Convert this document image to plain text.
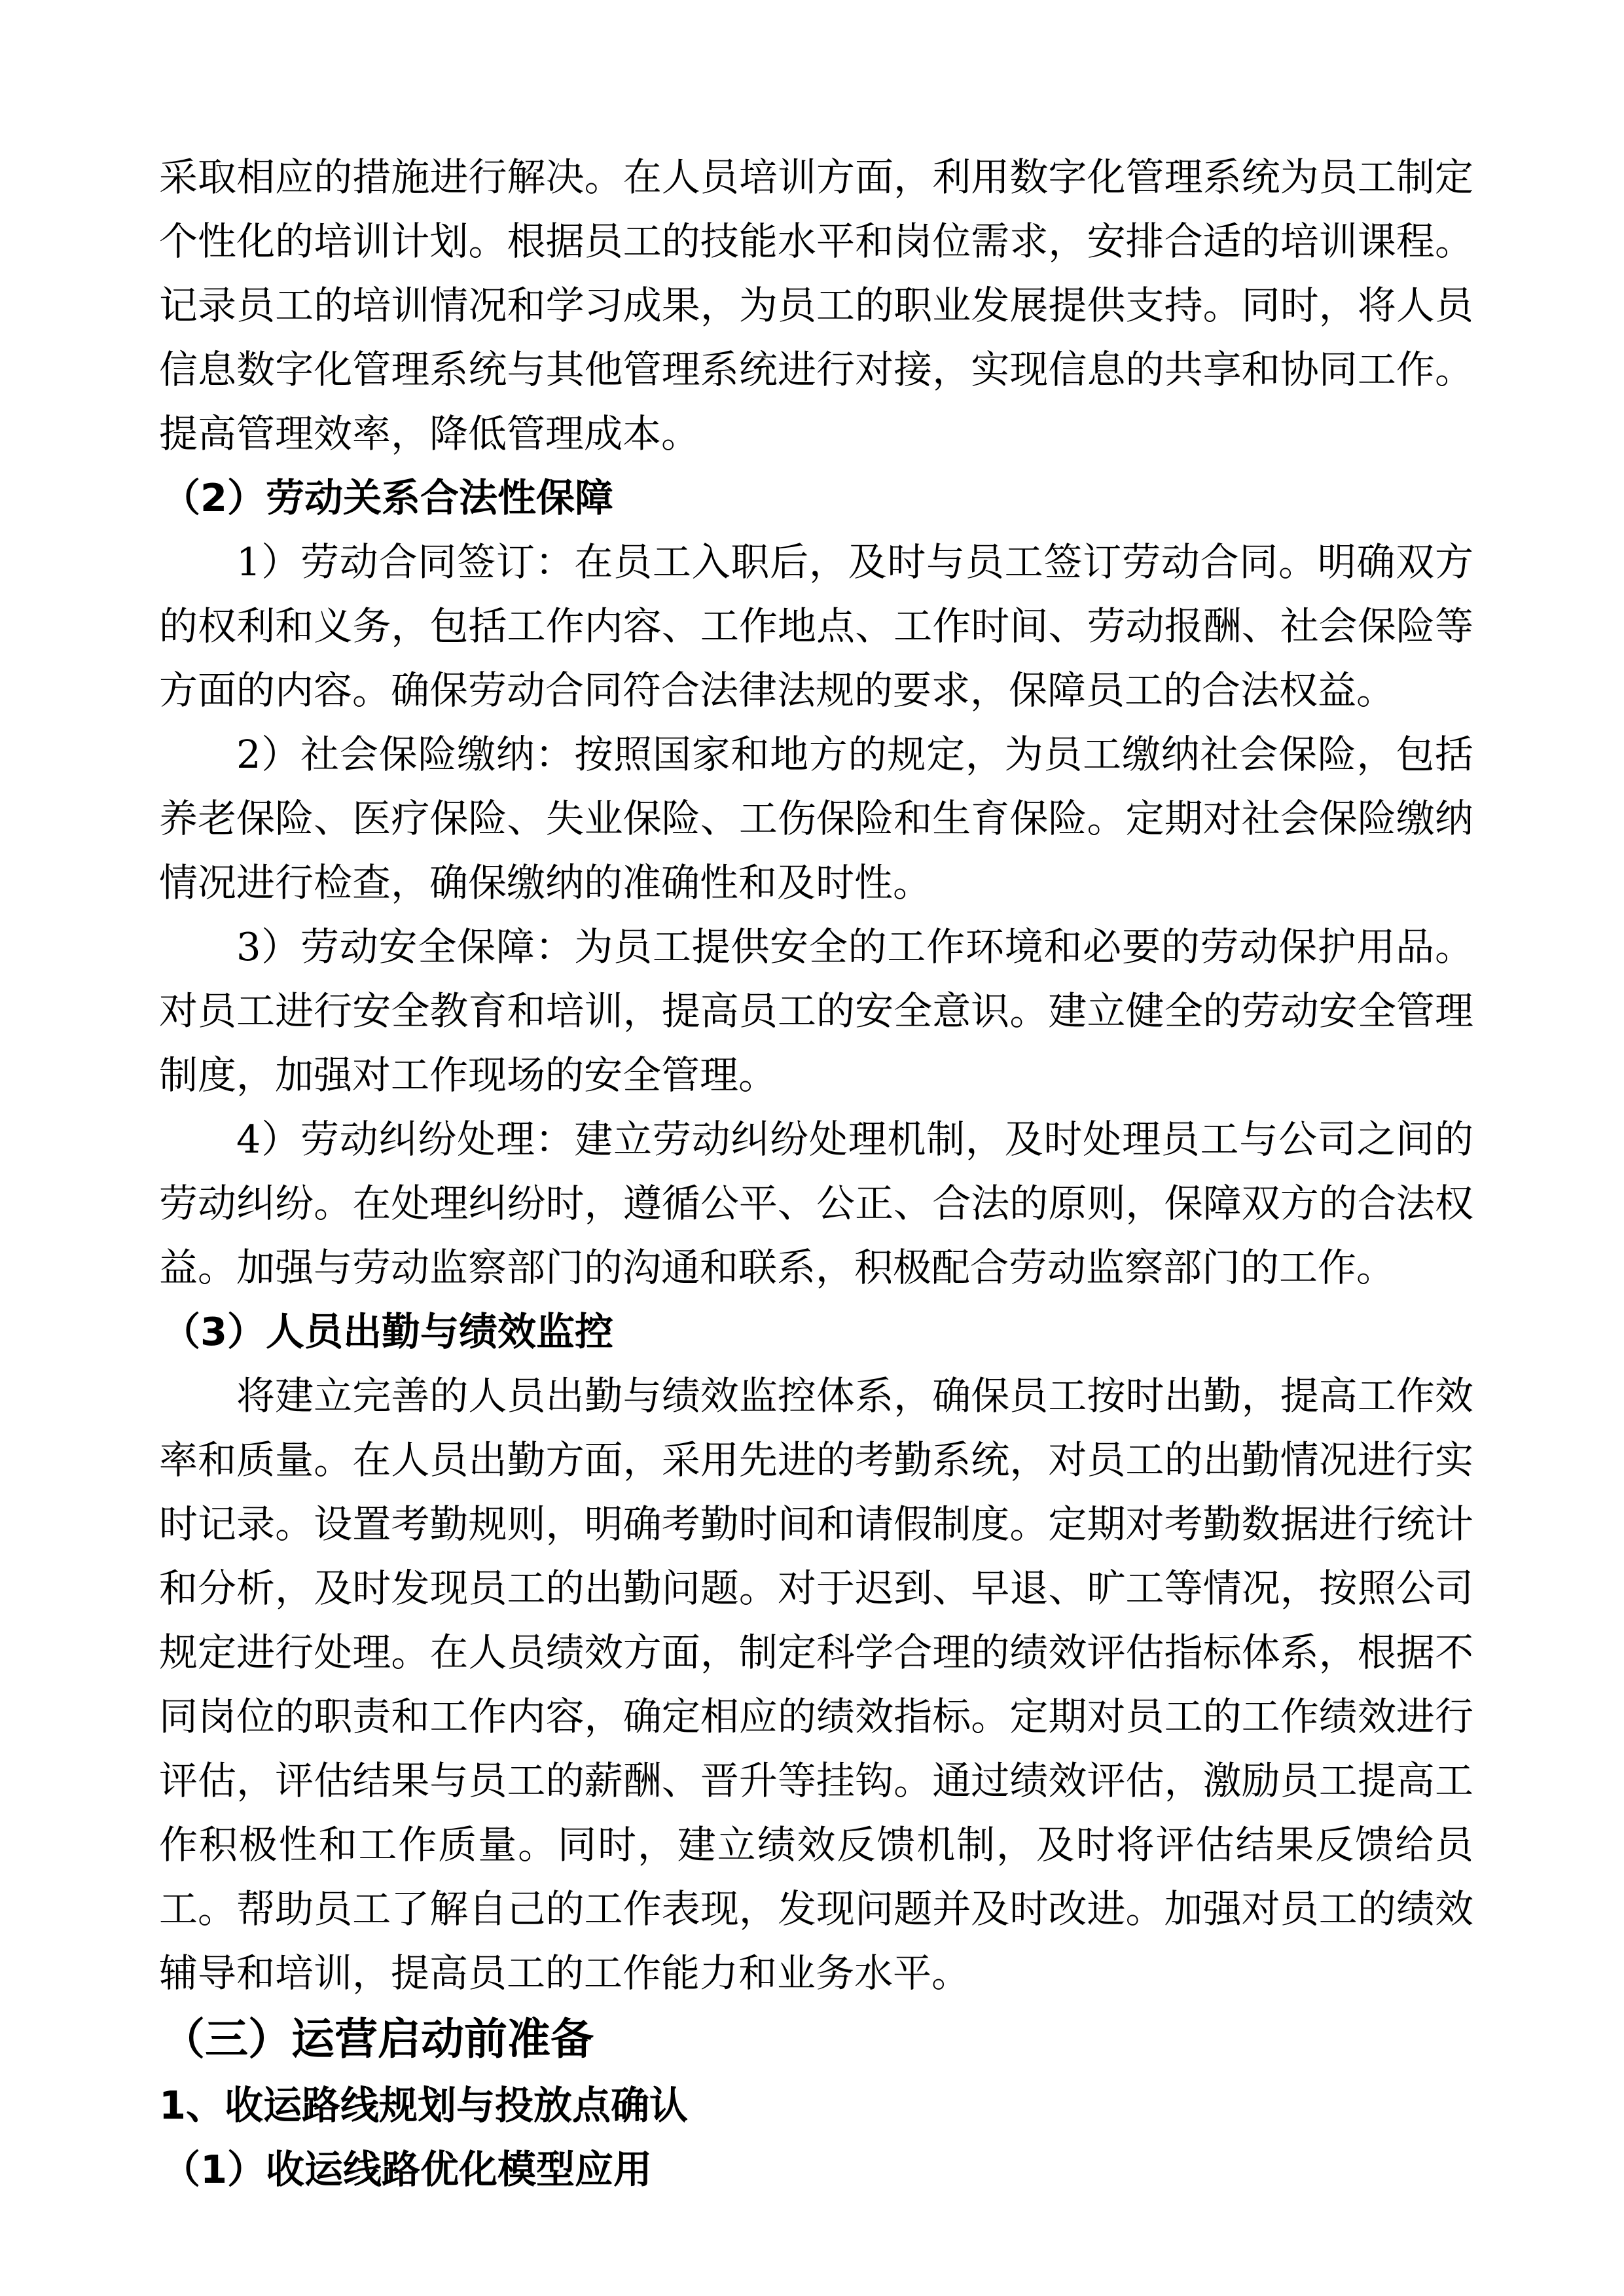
采取相应的措施进行解决。在人员培训方面，利用数字化管理系统为员工制定个性化的培训计划。根据员工的技能水平和岗位需求，安排合适的培训课程。记录员工的培训情况和学习成果，为员工的职业发展提供支持。同时，将人员信息数字化管理系统与其他管理系统进行对接，实现信息的共享和协同工作。提高管理效率，降低管理成本。

（2）劳动关系合法性保障

1）劳动合同签订：在员工入职后，及时与员工签订劳动合同。明确双方的权利和义务，包括工作内容、工作地点、工作时间、劳动报酬、社会保险等方面的内容。确保劳动合同符合法律法规的要求，保障员工的合法权益。

2）社会保险缴纳：按照国家和地方的规定，为员工缴纳社会保险，包括养老保险、医疗保险、失业保险、工伤保险和生育保险。定期对社会保险缴纳情况进行检查，确保缴纳的准确性和及时性。

3）劳动安全保障：为员工提供安全的工作环境和必要的劳动保护用品。对员工进行安全教育和培训，提高员工的安全意识。建立健全的劳动安全管理制度，加强对工作现场的安全管理。

4）劳动纠纷处理：建立劳动纠纷处理机制，及时处理员工与公司之间的劳动纠纷。在处理纠纷时，遵循公平、公正、合法的原则，保障双方的合法权益。加强与劳动监察部门的沟通和联系，积极配合劳动监察部门的工作。

（3）人员出勤与绩效监控

将建立完善的人员出勤与绩效监控体系，确保员工按时出勤，提高工作效率和质量。在人员出勤方面，采用先进的考勤系统，对员工的出勤情况进行实时记录。设置考勤规则，明确考勤时间和请假制度。定期对考勤数据进行统计和分析，及时发现员工的出勤问题。对于迟到、早退、旷工等情况，按照公司规定进行处理。在人员绩效方面，制定科学合理的绩效评估指标体系，根据不同岗位的职责和工作内容，确定相应的绩效指标。定期对员工的工作绩效进行评估，评估结果与员工的薪酬、晋升等挂钩。通过绩效评估，激励员工提高工作积极性和工作质量。同时，建立绩效反馈机制，及时将评估结果反馈给员工。帮助员工了解自己的工作表现，发现问题并及时改进。加强对员工的绩效辅导和培训，提高员工的工作能力和业务水平。

（三）运营启动前准备

1、收运路线规划与投放点确认

（1）收运线路优化模型应用
